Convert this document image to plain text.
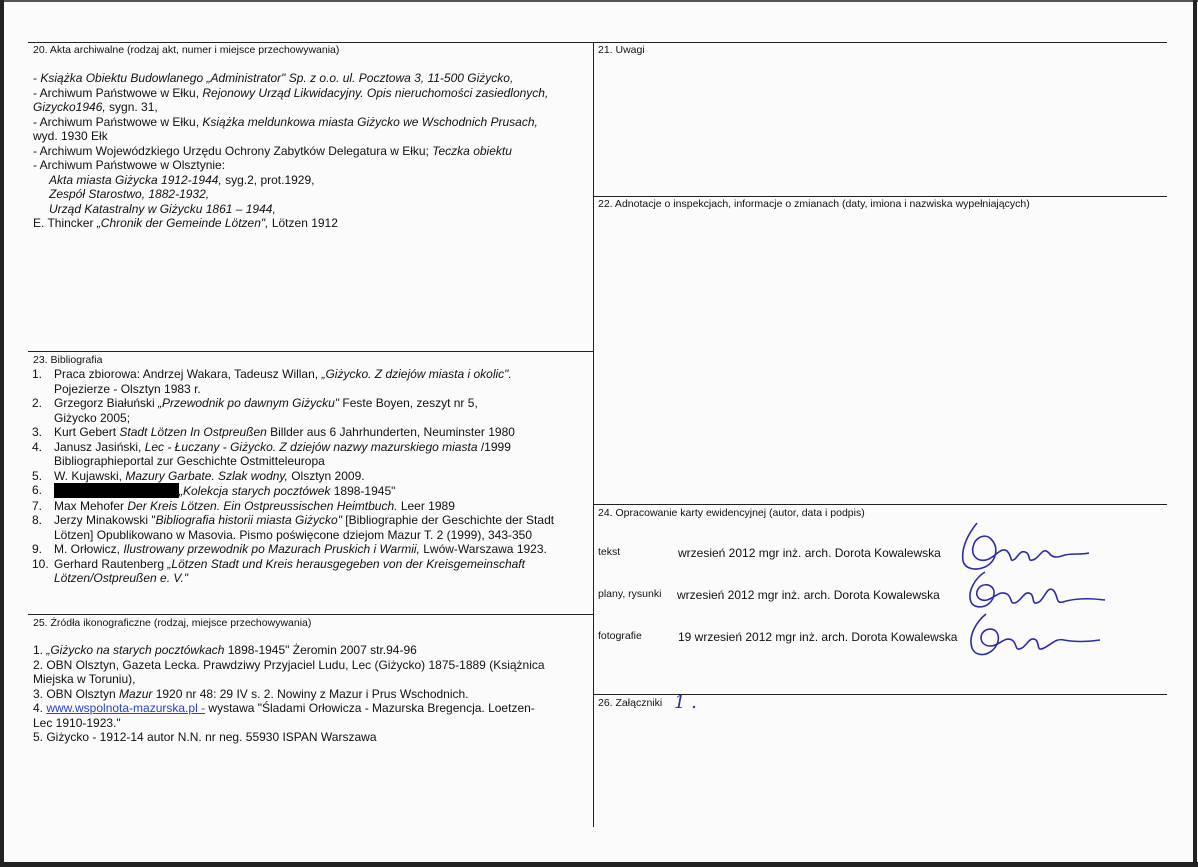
20. Akta archiwalne (rodzaj akt, numer i miejsce przechowywania)
- Książka Obiektu Budowlanego „Administrator" Sp. z o.o. ul. Pocztowa 3, 11-500 Giżycko,
- Archiwum Państwowe w Ełku, Rejonowy Urząd Likwidacyjny. Opis nieruchomości zasiedlonych,
Gizycko1946, sygn. 31,
- Archiwum Państwowe w Ełku, Książka meldunkowa miasta Giżycko we Wschodnich Prusach,
wyd. 1930 Ełk
- Archiwum Wojewódzkiego Urzędu Ochrony Zabytków Delegatura w Ełku; Teczka obiektu
- Archiwum Państwowe w Olsztynie:
Akta miasta Giżycka 1912-1944, syg.2, prot.1929,
Zespół Starostwo, 1882-1932,
Urząd Katastralny w Giżycku 1861 – 1944,
E. Thincker „Chronik der Gemeinde Lötzen", Lötzen 1912
21. Uwagi
22. Adnotacje o inspekcjach, informacje o zmianach (daty, imiona i nazwiska wypełniających)
23. Bibliografia
1. Praca zbiorowa: Andrzej Wakara, Tadeusz Willan, „Giżycko. Z dziejów miasta i okolic".
Pojezierze - Olsztyn 1983 r.
2. Grzegorz Białuński „Przewodnik po dawnym Giżycku" Feste Boyen, zeszyt nr 5,
Giżycko 2005;
3. Kurt Gebert Stadt Lötzen In Ostpreußen Billder aus 6 Jahrhunderten, Neuminster 1980
4. Janusz Jasiński, Lec - Łuczany - Giżycko. Z dziejów nazwy mazurskiego miasta /1999
Bibliographieportal zur Geschichte Ostmitteleuropa
5. W. Kujawski, Mazury Garbate. Szlak wodny, Olsztyn 2009.
6.	„Kolekcja starych pocztówek 1898-1945"
7. Max Mehofer Der Kreis Lötzen. Ein Ostpreussischen Heimtbuch. Leer 1989
8. Jerzy Minakowski "Bibliografia historii miasta Giżycko" [Bibliographie der Geschichte der Stadt
Lötzen] Opublikowano w Masovia. Pismo poświęcone dziejom Mazur T. 2 (1999), 343-350
9. M. Orłowicz, Ilustrowany przewodnik po Mazurach Pruskich i Warmii, Lwów-Warszawa 1923.
10. Gerhard Rautenberg „Lötzen Stadt und Kreis herausgegeben von der Kreisgemeinschaft
Lötzen/Ostpreußen e. V."
24. Opracowanie karty ewidencyjnej (autor, data i podpis)
tekst	wrzesień 2012 mgr inż. arch. Dorota Kowalewska
plany, rysunki wrzesień 2012 mgr inż. arch. Dorota Kowalewska
fotografie	19 wrzesień 2012 mgr inż. arch. Dorota Kowalewska
25. Źródła ikonograficzne (rodzaj, miejsce przechowywania)
1. „Giżycko na starych pocztówkach 1898-1945" Żeromin 2007 str.94-96
2. OBN Olsztyn, Gazeta Lecka. Prawdziwy Przyjaciel Ludu, Lec (Giżycko) 1875-1889 (Książnica
Miejska w Toruniu),
3. OBN Olsztyn Mazur 1920 nr 48: 29 IV s. 2. Nowiny z Mazur i Prus Wschodnich.
4. www.wspolnota-mazurska.pl - wystawa "Śladami Orłowicza - Mazurska Bregencja. Loetzen-
Lec 1910-1923."
5. Giżycko - 1912-14 autor N.N. nr neg. 55930 ISPAN Warszawa
26. Załączniki 1 .
